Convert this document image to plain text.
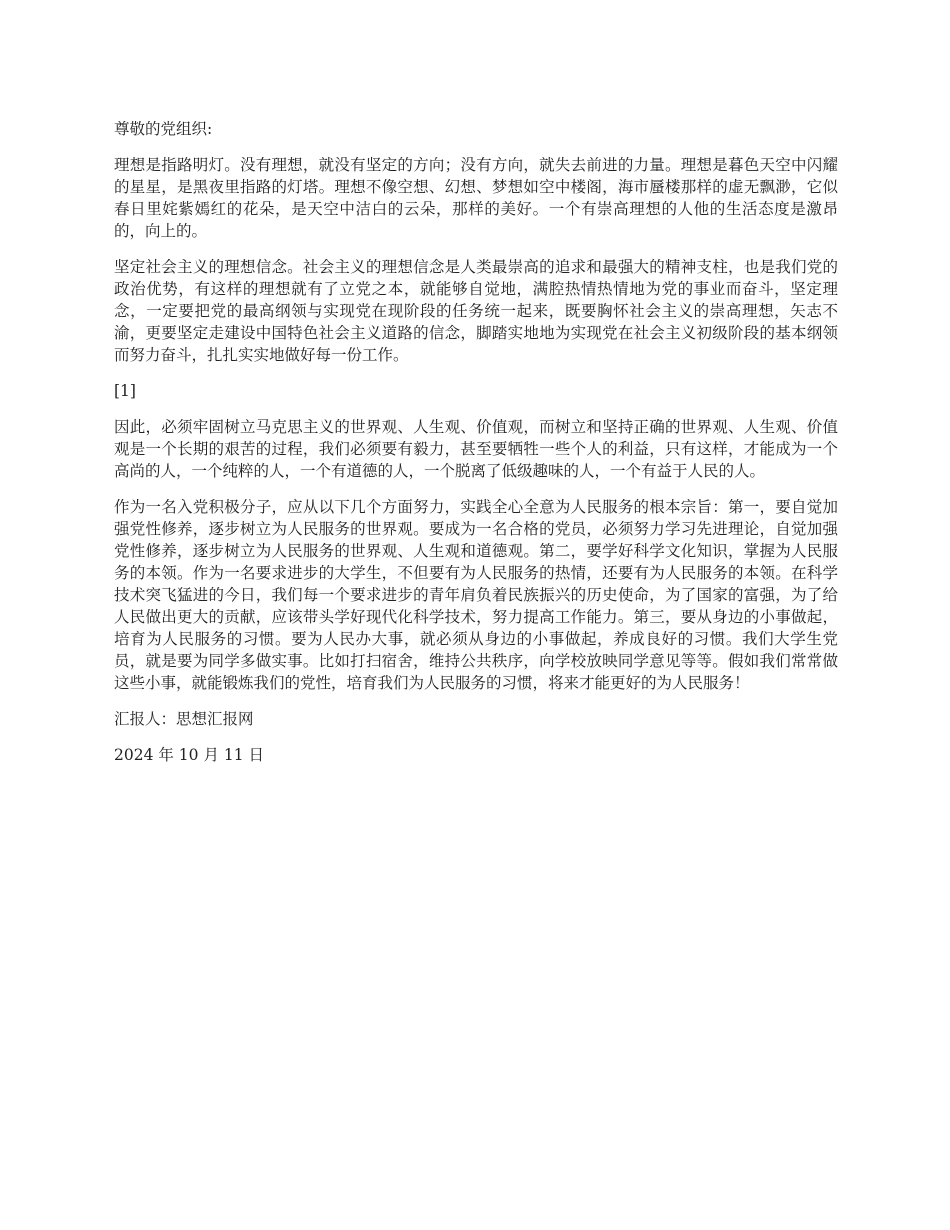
尊敬的党组织:

理想是指路明灯。没有理想，就没有坚定的方向；没有方向，就失去前进的力量。理想是暮色天空中闪耀的星星，是黑夜里指路的灯塔。理想不像空想、幻想、梦想如空中楼阁，海市蜃楼那样的虚无飘渺，它似春日里姹紫嫣红的花朵，是天空中洁白的云朵，那样的美好。一个有崇高理想的人他的生活态度是激昂的，向上的。

坚定社会主义的理想信念。社会主义的理想信念是人类最崇高的追求和最强大的精神支柱，也是我们党的政治优势，有这样的理想就有了立党之本，就能够自觉地，满腔热情热情地为党的事业而奋斗，坚定理念，一定要把党的最高纲领与实现党在现阶段的任务统一起来，既要胸怀社会主义的崇高理想，矢志不渝，更要坚定走建设中国特色社会主义道路的信念，脚踏实地地为实现党在社会主义初级阶段的基本纲领而努力奋斗，扎扎实实地做好每一份工作。

[1]

因此，必须牢固树立马克思主义的世界观、人生观、价值观，而树立和坚持正确的世界观、人生观、价值观是一个长期的艰苦的过程，我们必须要有毅力，甚至要牺牲一些个人的利益，只有这样，才能成为一个高尚的人，一个纯粹的人，一个有道德的人，一个脱离了低级趣味的人，一个有益于人民的人。

作为一名入党积极分子，应从以下几个方面努力，实践全心全意为人民服务的根本宗旨：第一，要自觉加强党性修养，逐步树立为人民服务的世界观。要成为一名合格的党员，必须努力学习先进理论，自觉加强党性修养，逐步树立为人民服务的世界观、人生观和道德观。第二，要学好科学文化知识，掌握为人民服务的本领。作为一名要求进步的大学生，不但要有为人民服务的热情，还要有为人民服务的本领。在科学技术突飞猛进的今日，我们每一个要求进步的青年肩负着民族振兴的历史使命，为了国家的富强，为了给人民做出更大的贡献，应该带头学好现代化科学技术，努力提高工作能力。第三，要从身边的小事做起，培育为人民服务的习惯。要为人民办大事，就必须从身边的小事做起，养成良好的习惯。我们大学生党员，就是要为同学多做实事。比如打扫宿舍，维持公共秩序，向学校放映同学意见等等。假如我们常常做这些小事，就能锻炼我们的党性，培育我们为人民服务的习惯，将来才能更好的为人民服务！

汇报人：思想汇报网

2024 年 10 月 11 日
